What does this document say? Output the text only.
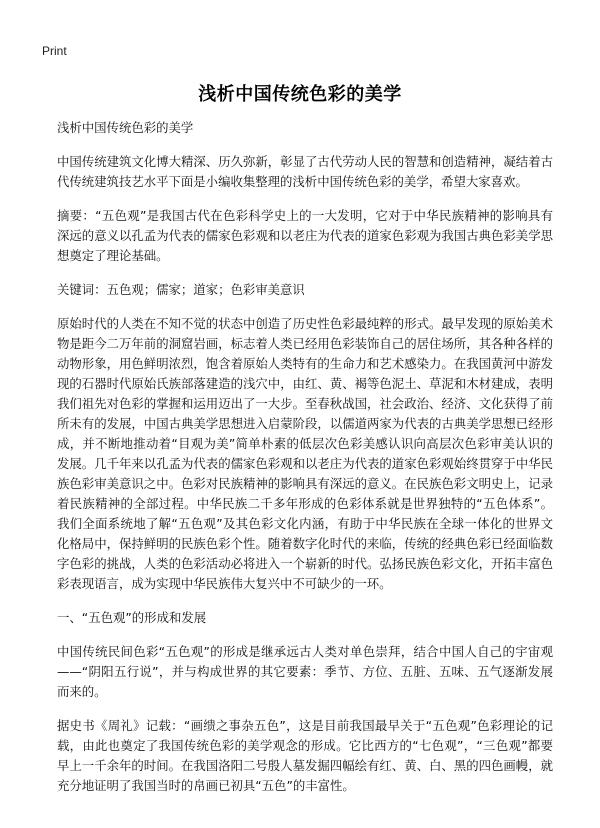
Print
浅析中国传统色彩的美学

浅析中国传统色彩的美学

中国传统建筑文化博大精深、历久弥新，彰显了古代劳动人民的智慧和创造精神，凝结着古代传统建筑技艺水平下面是小编收集整理的浅析中国传统色彩的美学，希望大家喜欢。

摘要：“五色观”是我国古代在色彩科学史上的一大发明，它对于中华民族精神的影响具有深远的意义以孔孟为代表的儒家色彩观和以老庄为代表的道家色彩观为我国古典色彩美学思想奠定了理论基础。

关键词：五色观；儒家；道家；色彩审美意识

原始时代的人类在不知不觉的状态中创造了历史性色彩最纯粹的形式。最早发现的原始美术物是距今二万年前的洞窟岩画，标志着人类已经用色彩装饰自己的居住场所，其各种各样的动物形象，用色鲜明浓烈，饱含着原始人类特有的生命力和艺术感染力。在我国黄河中游发现的石器时代原始氏族部落建造的浅穴中，由红、黄、褐等色泥土、草泥和木材建成，表明我们祖先对色彩的掌握和运用迈出了一大步。至春秋战国，社会政治、经济、文化获得了前所未有的发展，中国古典美学思想进入启蒙阶段，以儒道两家为代表的古典美学思想已经形成，并不断地推动着“目观为美”简单朴素的低层次色彩美感认识向高层次色彩审美认识的发展。几千年来以孔孟为代表的儒家色彩观和以老庄为代表的道家色彩观始终贯穿于中华民族色彩审美意识之中。色彩对民族精神的影响具有深远的意义。在民族色彩文明史上，记录着民族精神的全部过程。中华民族二千多年形成的色彩体系就是世界独特的“五色体系”。我们全面系统地了解“五色观”及其色彩文化内涵，有助于中华民族在全球一体化的世界文化格局中，保持鲜明的民族色彩个性。随着数字化时代的来临，传统的经典色彩已经面临数字色彩的挑战，人类的色彩活动必将进入一个崭新的时代。弘扬民族色彩文化，开拓丰富色彩表现语言，成为实现中华民族伟大复兴中不可缺少的一环。

一、“五色观”的形成和发展

中国传统民间色彩“五色观”的形成是继承远古人类对单色崇拜，结合中国人自己的宇宙观——“阴阳五行说”，并与构成世界的其它要素：季节、方位、五脏、五味、五气逐渐发展而来的。

据史书《周礼》记载：“画缋之事杂五色”，这是目前我国最早关于“五色观”色彩理论的记载，由此也奠定了我国传统色彩的美学观念的形成。它比西方的“七色观”，“三色观”都要早上一千余年的时间。在我国洛阳二号殷人墓发掘四幅绘有红、黄、白、黑的四色画幔，就充分地证明了我国当时的帛画已初具“五色”的丰富性。
